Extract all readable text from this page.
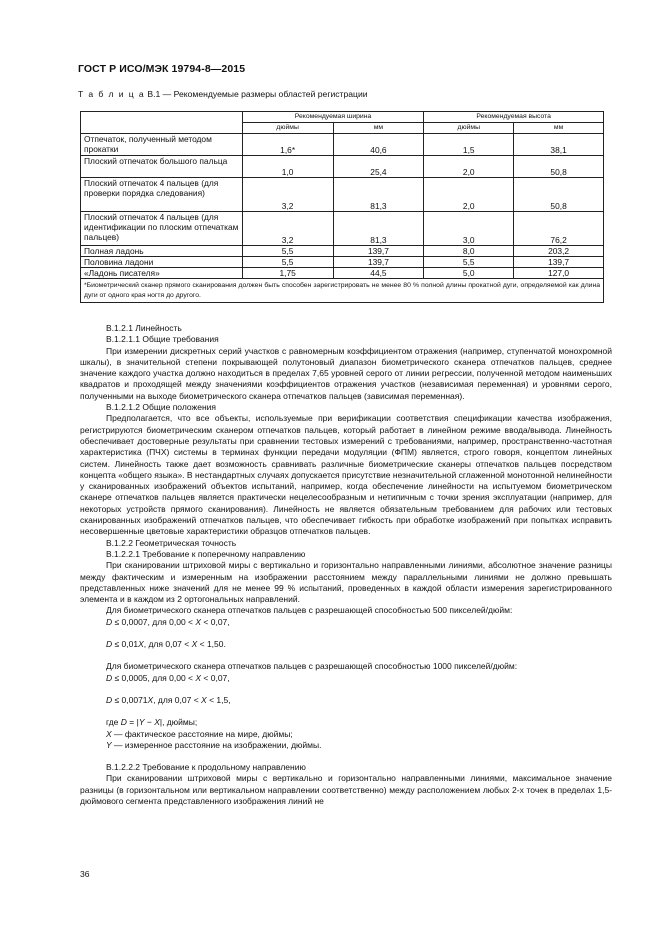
ГОСТ Р ИСО/МЭК 19794-8—2015
Т а б л и ц а В.1 — Рекомендуемые размеры областей регистрации
	Рекомендуемая ширина		Рекомендуемая высота	
	дюймы	мм	дюймы	мм
Отпечаток, полученный методом прокатки	1,6*	40,6	1,5	38,1
Плоский отпечаток большого пальца	1,0	25,4	2,0	50,8
Плоский отпечаток 4 пальцев (для проверки порядка следования)	3,2	81,3	2,0	50,8
Плоский отпечаток 4 пальцев (для идентификации по плоским отпечаткам пальцев)	3,2	81,3	3,0	76,2
Полная ладонь	5,5	139,7	8,0	203,2
Половина ладони	5,5	139,7	5,5	139,7
«Ладонь писателя»	1,75	44,5	5,0	127,0
*Биометрический сканер прямого сканирования должен быть способен зарегистрировать не менее 80 % полной длины прокатной дуги, определяемой как длина дуги от одного края ногтя до другого.				

В.1.2.1 Линейность

В.1.2.1.1 Общие требования

При измерении дискретных серий участков с равномерным коэффициентом отражения (например, ступенчатой монохромной шкалы), в значительной степени покрывающей полутоновый диапазон биометрического сканера отпечатков пальцев, среднее значение каждого участка должно находиться в пределах 7,65 уровней серого от линии регрессии, полученной методом наименьших квадратов и проходящей между значениями коэффициентов отражения участков (независимая переменная) и уровнями серого, полученными на выходе биометрического сканера отпечатков пальцев (зависимая переменная).

В.1.2.1.2 Общие положения

Предполагается, что все объекты, используемые при верификации соответствия спецификации качества изображения, регистрируются биометрическим сканером отпечатков пальцев, который работает в линейном режиме ввода/вывода. Линейность обеспечивает достоверные результаты при сравнении тестовых измерений с требованиями, например, пространственно-частотная характеристика (ПЧХ) системы в терминах функции передачи модуляции (ФПМ) является, строго говоря, концептом линейных систем. Линейность также дает возможность сравнивать различные биометрические сканеры отпечатков пальцев посредством концепта «общего языка». В нестандартных случаях допускается присутствие незначительной сглаженной монотонной нелинейности у сканированных изображений объектов испытаний, например, когда обеспечение линейности на испытуемом биометрическом сканере отпечатков пальцев является практически нецелесообразным и нетипичным с точки зрения эксплуатации (например, для некоторых устройств прямого сканирования). Линейность не является обязательным требованием для рабочих или тестовых сканированных изображений отпечатков пальцев, что обеспечивает гибкость при обработке изображений при попытках исправить несовершенные цветовые характеристики образцов отпечатков пальцев.

В.1.2.2 Геометрическая точность

В.1.2.2.1 Требование к поперечному направлению

При сканировании штриховой миры с вертикально и горизонтально направленными линиями, абсолютное значение разницы между фактическим и измеренным на изображении расстоянием между параллельными линиями не должно превышать представленных ниже значений для не менее 99 % испытаний, проведенных в каждой области измерения зарегистрированного элемента и в каждом из 2 ортогональных направлений.

Для биометрического сканера отпечатков пальцев с разрешающей способностью 500 пикселей/дюйм:

D ≤ 0,0007, для 0,00 < X < 0,07,

D ≤ 0,01X, для 0,07 < X < 1,50.

Для биометрического сканера отпечатков пальцев с разрешающей способностью 1000 пикселей/дюйм:

D ≤ 0,0005, для 0,00 < X < 0,07,

D ≤ 0,0071X, для 0,07 < X < 1,5,

где D = |Y − X|, дюймы;

X — фактическое расстояние на мире, дюймы;

Y — измеренное расстояние на изображении, дюймы.

В.1.2.2.2 Требование к продольному направлению

При сканировании штриховой миры с вертикально и горизонтально направленными линиями, максимальное значение разницы (в горизонтальном или вертикальном направлении соответственно) между расположением любых 2-х точек в пределах 1,5-дюймового сегмента представленного изображения линий не

36
